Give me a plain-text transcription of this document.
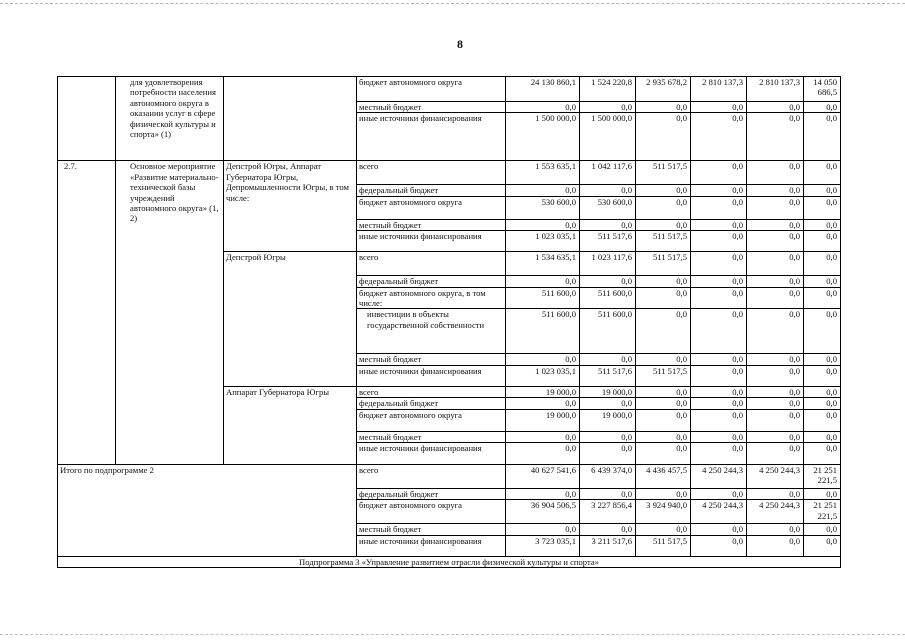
8
	для удовлетворения потребности населения автономного округа в оказании услуг в сфере физической культуры и спорта» (1)		бюджет автономного округа	24 130 860,1	1 524 220,8	2 935 678,2	2 810 137,3	2 810 137,3	14 050 686,5
			местный бюджет	0,0	0,0	0,0	0,0	0,0	0,0
			иные источники финансирования	1 500 000,0	1 500 000,0	0,0	0,0	0,0	0,0
2.7.	Основное мероприятие «Развитие материально-технической базы учреждений автономного округа» (1, 2)	Депстрой Югры, Аппарат Губернатора Югры, Депромышленности Югры, в том числе:	всего	1 553 635,1	1 042 117,6	511 517,5	0,0	0,0	0,0
			федеральный бюджет	0,0	0,0	0,0	0,0	0,0	0,0
			бюджет автономного округа	530 600,0	530 600,0	0,0	0,0	0,0	0,0
			местный бюджет	0,0	0,0	0,0	0,0	0,0	0,0
			иные источники финансирования	1 023 035,1	511 517,6	511 517,5	0,0	0,0	0,0
		Депстрой Югры	всего	1 534 635,1	1 023 117,6	511 517,5	0,0	0,0	0,0
			федеральный бюджет	0,0	0,0	0,0	0,0	0,0	0,0
			бюджет автономного округа, в том числе:	511 600,0	511 600,0	0,0	0,0	0,0	0,0
			инвестиции в объекты государственной собственности	511 600,0	511 600,0	0,0	0,0	0,0	0,0
			местный бюджет	0,0	0,0	0,0	0,0	0,0	0,0
			иные источники финансирования	1 023 035,1	511 517,6	511 517,5	0,0	0,0	0,0
		Аппарат Губернатора Югры	всего	19 000,0	19 000,0	0,0	0,0	0,0	0,0
			федеральный бюджет	0,0	0,0	0,0	0,0	0,0	0,0
			бюджет автономного округа	19 000,0	19 000,0	0,0	0,0	0,0	0,0
			местный бюджет	0,0	0,0	0,0	0,0	0,0	0,0
			иные источники финансирования	0,0	0,0	0,0	0,0	0,0	0,0
Итого по подпрограмме 2			всего	40 627 541,6	6 439 374,0	4 436 457,5	4 250 244,3	4 250 244,3	21 251 221,5
			федеральный бюджет	0,0	0,0	0,0	0,0	0,0	0,0
			бюджет автономного округа	36 904 506,5	3 227 856,4	3 924 940,0	4 250 244,3	4 250 244,3	21 251 221,5
			местный бюджет	0,0	0,0	0,0	0,0	0,0	0,0
			иные источники финансирования	3 723 035,1	3 211 517,6	511 517,5	0,0	0,0	0,0
Подпрограмма 3 «Управление развитием отрасли физической культуры и спорта»									
